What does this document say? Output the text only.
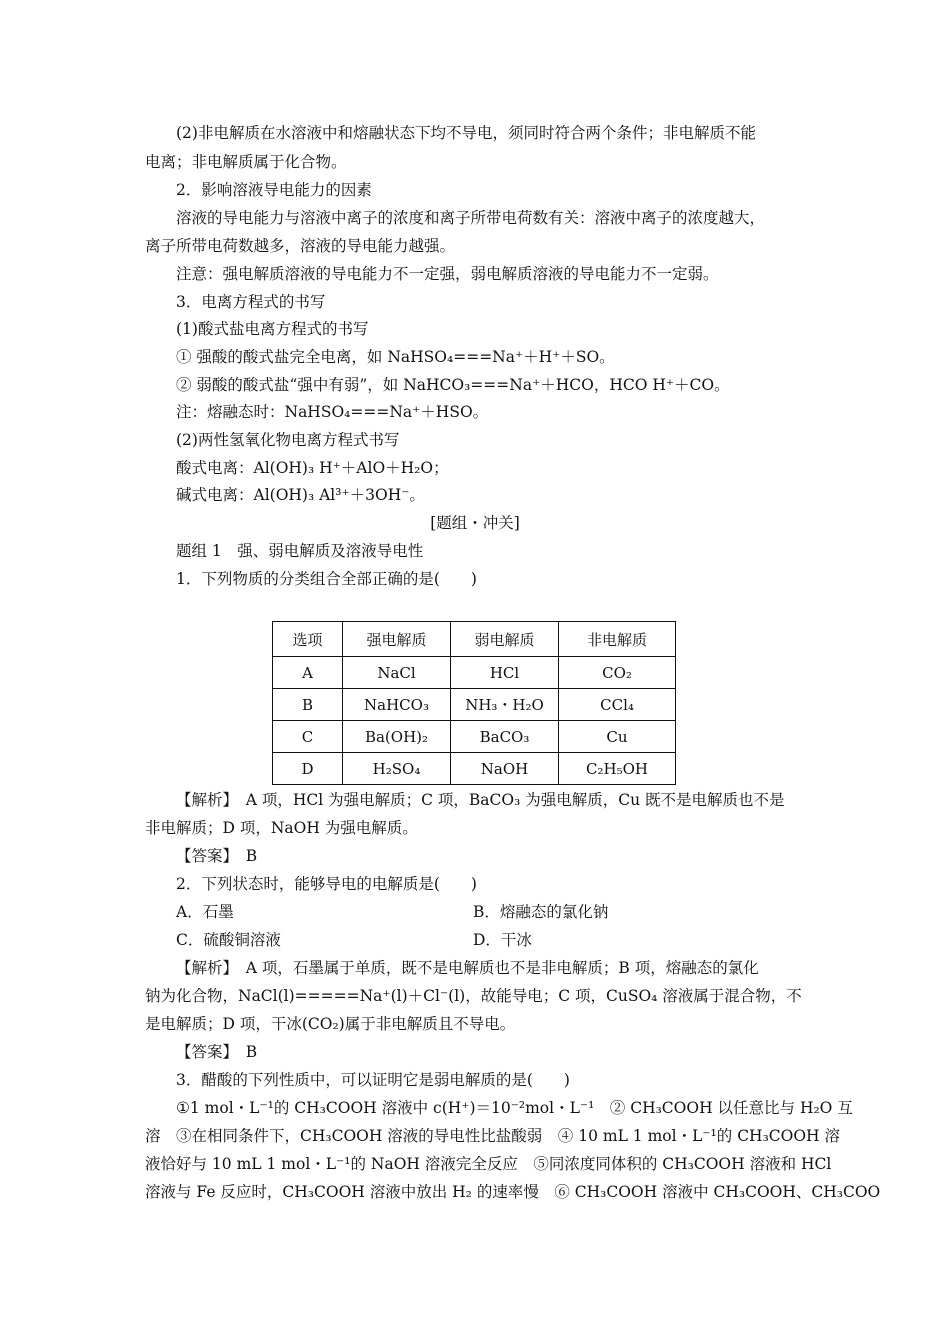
(2)非电解质在水溶液中和熔融状态下均不导电，须同时符合两个条件；非电解质不能
电离；非电解质属于化合物。
2．影响溶液导电能力的因素
溶液的导电能力与溶液中离子的浓度和离子所带电荷数有关：溶液中离子的浓度越大，
离子所带电荷数越多，溶液的导电能力越强。
注意：强电解质溶液的导电能力不一定强，弱电解质溶液的导电能力不一定弱。
3．电离方程式的书写
(1)酸式盐电离方程式的书写
① 强酸的酸式盐完全电离，如 NaHSO₄===Na⁺＋H⁺＋SO。
② 弱酸的酸式盐“强中有弱”，如 NaHCO₃===Na⁺＋HCO，HCO H⁺＋CO。
注：熔融态时：NaHSO₄===Na⁺＋HSO。
(2)两性氢氧化物电离方程式书写
酸式电离：Al(OH)₃ H⁺＋AlO＋H₂O；
碱式电离：Al(OH)₃ Al³⁺＋3OH⁻。
[题组・冲关]
题组 1　强、弱电解质及溶液导电性
1．下列物质的分类组合全部正确的是(　　)
选项	强电解质	弱电解质	非电解质
A	NaCl	HCl	CO₂
B	NaHCO₃	NH₃・H₂O	CCl₄
C	Ba(OH)₂	BaCO₃	Cu
D	H₂SO₄	NaOH	C₂H₅OH
【解析】　A 项，HCl 为强电解质；C 项，BaCO₃ 为强电解质，Cu 既不是电解质也不是
非电解质；D 项，NaOH 为强电解质。
【答案】　B
2．下列状态时，能够导电的电解质是(　　)
A．石墨	B．熔融态的氯化钠
C．硫酸铜溶液	D．干冰
【解析】　A 项，石墨属于单质，既不是电解质也不是非电解质；B 项，熔融态的氯化
钠为化合物，NaCl(l)=====Na⁺(l)＋Cl⁻(l)，故能导电；C 项，CuSO₄ 溶液属于混合物，不
是电解质；D 项，干冰(CO₂)属于非电解质且不导电。
【答案】　B
3．醋酸的下列性质中，可以证明它是弱电解质的是(　　)
①1 mol・L⁻¹的 CH₃COOH 溶液中 c(H⁺)＝10⁻²mol・L⁻¹　② CH₃COOH 以任意比与 H₂O 互
溶　③在相同条件下，CH₃COOH 溶液的导电性比盐酸弱　④ 10 mL 1 mol・L⁻¹的 CH₃COOH 溶
液恰好与 10 mL 1 mol・L⁻¹的 NaOH 溶液完全反应　⑤同浓度同体积的 CH₃COOH 溶液和 HCl
溶液与 Fe 反应时，CH₃COOH 溶液中放出 H₂ 的速率慢　⑥ CH₃COOH 溶液中 CH₃COOH、CH₃COO
